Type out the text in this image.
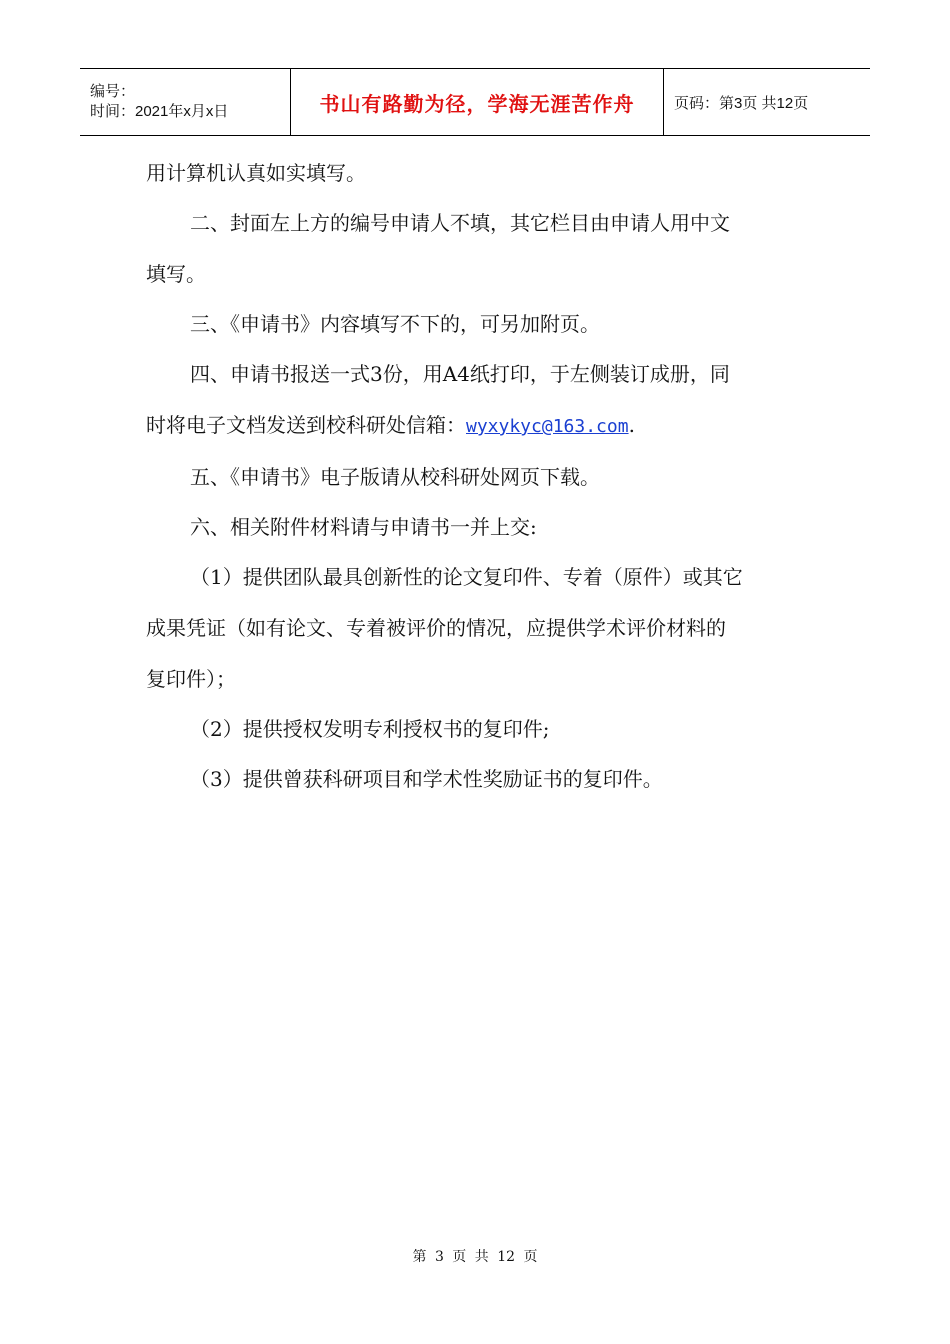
编号：
时间：2021年x月x日	书山有路勤为径，学海无涯苦作舟	页码：第3页 共12页

用计算机认真如实填写。

二、封面左上方的编号申请人不填，其它栏目由申请人用中文

填写。

三、《申请书》内容填写不下的，可另加附页。

四、申请书报送一式3份，用A4纸打印，于左侧装订成册，同

时将电子文档发送到校科研处信箱：wyxykyc@163.com.

五、《申请书》电子版请从校科研处网页下载。

六、相关附件材料请与申请书一并上交:

（1）提供团队最具创新性的论文复印件、专着（原件）或其它

成果凭证（如有论文、专着被评价的情况，应提供学术评价材料的

复印件）；

（2）提供授权发明专利授权书的复印件;

（3）提供曾获科研项目和学术性奖励证书的复印件。

第 3 页 共 12 页
